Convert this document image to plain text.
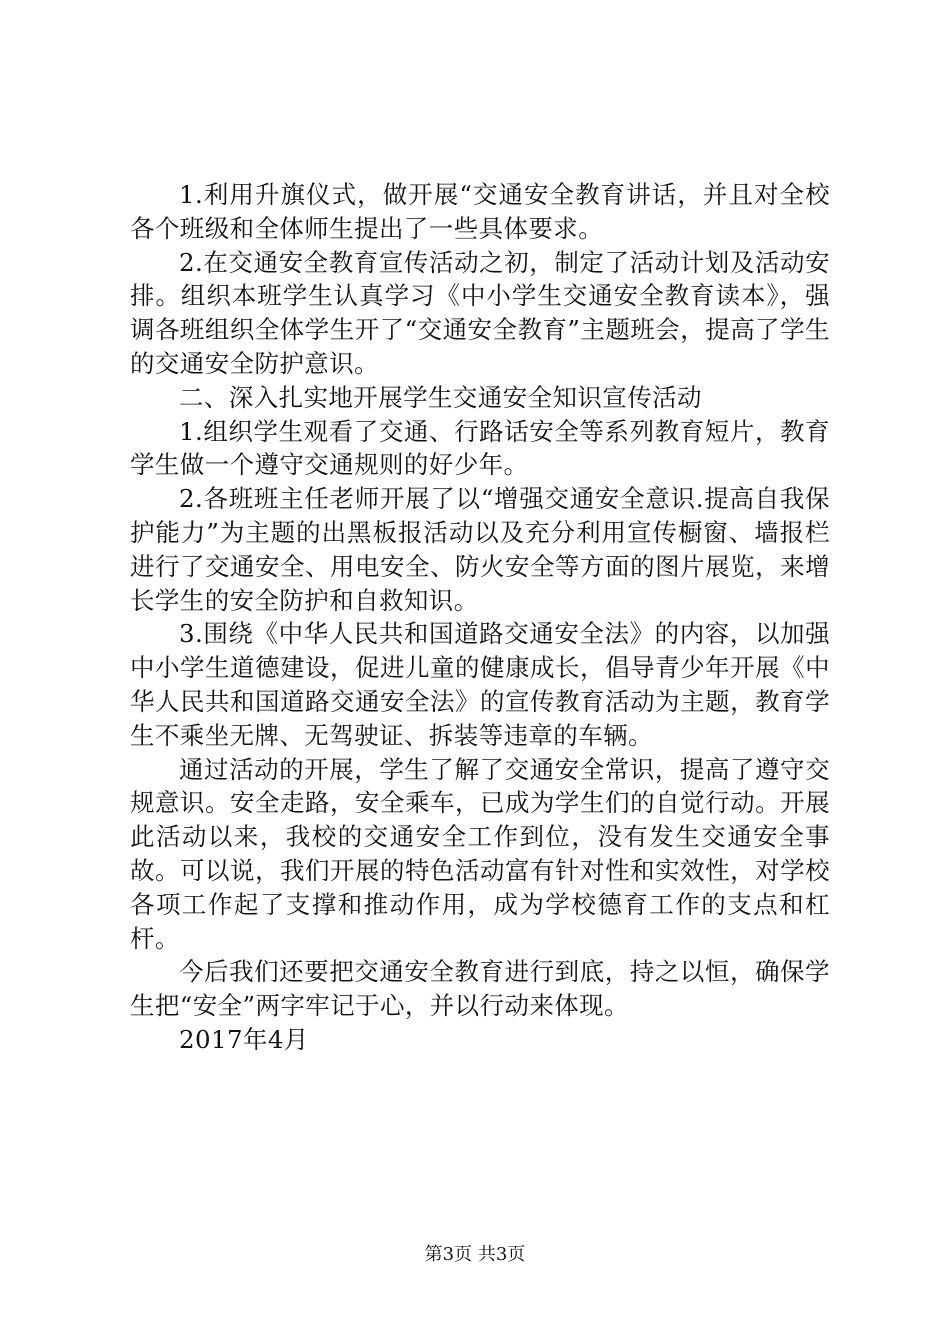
1.利用升旗仪式，做开展“交通安全教育讲话，并且对全校各个班级和全体师生提出了一些具体要求。

2.在交通安全教育宣传活动之初，制定了活动计划及活动安排。组织本班学生认真学习《中小学生交通安全教育读本》，强调各班组织全体学生开了“交通安全教育”主题班会，提高了学生的交通安全防护意识。

二、深入扎实地开展学生交通安全知识宣传活动

1.组织学生观看了交通、行路话安全等系列教育短片，教育学生做一个遵守交通规则的好少年。

2.各班班主任老师开展了以“增强交通安全意识.提高自我保护能力”为主题的出黑板报活动以及充分利用宣传橱窗、墙报栏进行了交通安全、用电安全、防火安全等方面的图片展览，来增长学生的安全防护和自救知识。

3.围绕《中华人民共和国道路交通安全法》的内容，以加强中小学生道德建设，促进儿童的健康成长，倡导青少年开展《中华人民共和国道路交通安全法》的宣传教育活动为主题，教育学生不乘坐无牌、无驾驶证、拆装等违章的车辆。

通过活动的开展，学生了解了交通安全常识，提高了遵守交规意识。安全走路，安全乘车，已成为学生们的自觉行动。开展此活动以来，我校的交通安全工作到位，没有发生交通安全事故。可以说，我们开展的特色活动富有针对性和实效性，对学校各项工作起了支撑和推动作用，成为学校德育工作的支点和杠杆。

今后我们还要把交通安全教育进行到底，持之以恒，确保学生把“安全”两字牢记于心，并以行动来体现。

2017年4月

第3页 共3页
